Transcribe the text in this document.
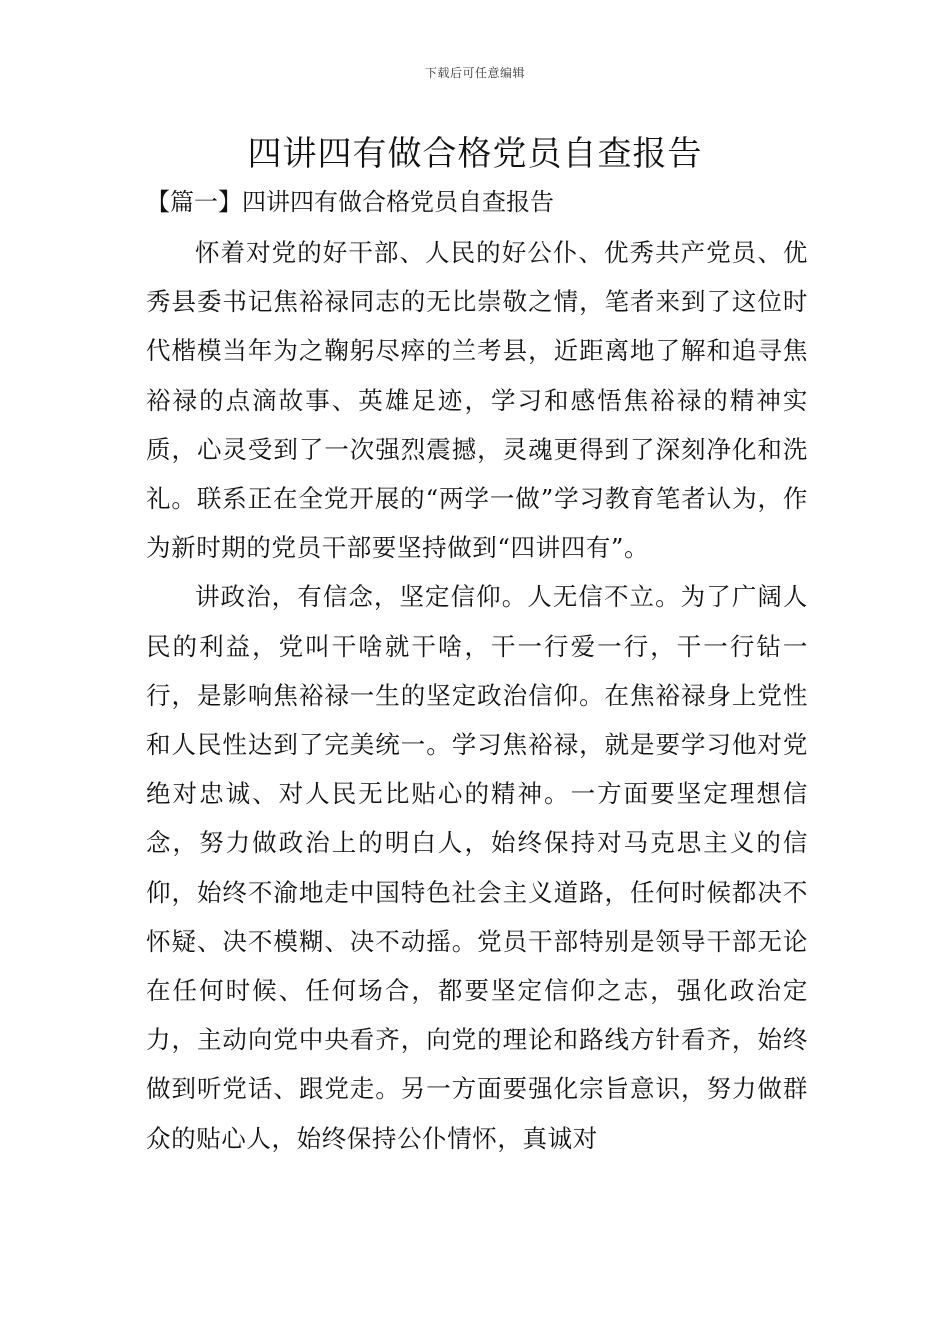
下载后可任意编辑
四讲四有做合格党员自查报告
【篇一】四讲四有做合格党员自查报告

怀着对党的好干部、人民的好公仆、优秀共产党员、优秀县委书记焦裕禄同志的无比崇敬之情，笔者来到了这位时代楷模当年为之鞠躬尽瘁的兰考县，近距离地了解和追寻焦裕禄的点滴故事、英雄足迹，学习和感悟焦裕禄的精神实质，心灵受到了一次强烈震撼，灵魂更得到了深刻净化和洗礼。联系正在全党开展的“两学一做”学习教育笔者认为，作为新时期的党员干部要坚持做到“四讲四有”。

讲政治，有信念，坚定信仰。人无信不立。为了广阔人民的利益，党叫干啥就干啥，干一行爱一行，干一行钻一行，是影响焦裕禄一生的坚定政治信仰。在焦裕禄身上党性和人民性达到了完美统一。学习焦裕禄，就是要学习他对党绝对忠诚、对人民无比贴心的精神。一方面要坚定理想信念，努力做政治上的明白人，始终保持对马克思主义的信仰，始终不渝地走中国特色社会主义道路，任何时候都决不怀疑、决不模糊、决不动摇。党员干部特别是领导干部无论在任何时候、任何场合，都要坚定信仰之志，强化政治定力，主动向党中央看齐，向党的理论和路线方针看齐，始终做到听党话、跟党走。另一方面要强化宗旨意识，努力做群众的贴心人，始终保持公仆情怀，真诚对
